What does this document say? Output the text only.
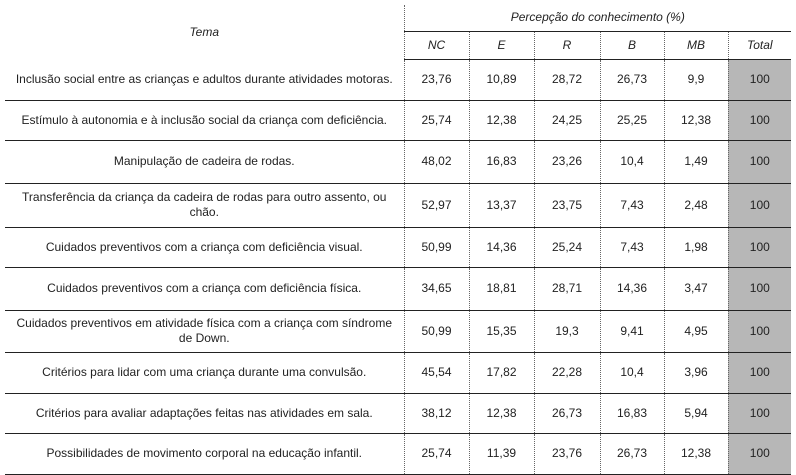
Tema	Percepção do conhecimento (%)					
	NC	E	R	B	MB	Total
Inclusão social entre as crianças e adultos durante atividades motoras.	23,76	10,89	28,72	26,73	9,9	100
Estímulo à autonomia e à inclusão social da criança com deficiência.	25,74	12,38	24,25	25,25	12,38	100
Manipulação de cadeira de rodas.	48,02	16,83	23,26	10,4	1,49	100
Transferência da criança da cadeira de rodas para outro assento, ou chão.	52,97	13,37	23,75	7,43	2,48	100
Cuidados preventivos com a criança com deficiência visual.	50,99	14,36	25,24	7,43	1,98	100
Cuidados preventivos com a criança com deficiência física.	34,65	18,81	28,71	14,36	3,47	100
Cuidados preventivos em atividade física com a criança com síndrome de Down.	50,99	15,35	19,3	9,41	4,95	100
Critérios para lidar com uma criança durante uma convulsão.	45,54	17,82	22,28	10,4	3,96	100
Critérios para avaliar adaptações feitas nas atividades em sala.	38,12	12,38	26,73	16,83	5,94	100
Possibilidades de movimento corporal na educação infantil.	25,74	11,39	23,76	26,73	12,38	100
